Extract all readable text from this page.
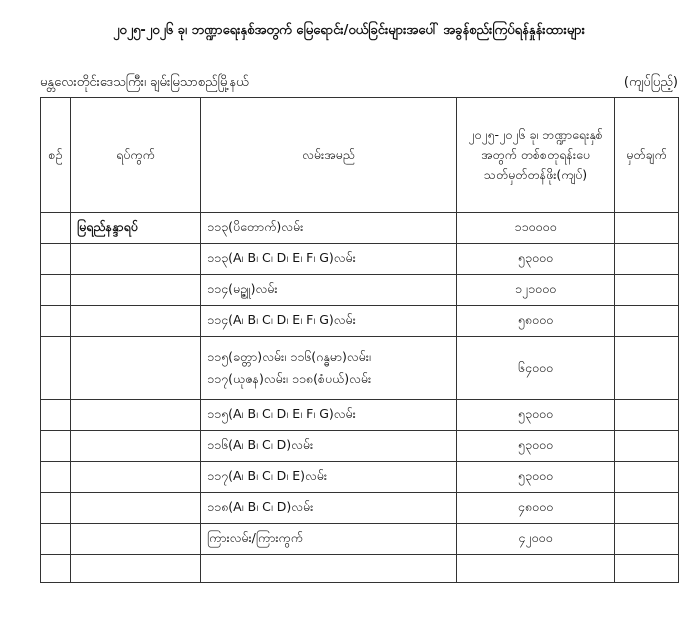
၂၀၂၅-၂၀၂၆ ခု၊ ဘဏ္ဍာရေးနှစ်အတွက် မြေရောင်း/ဝယ်ခြင်းများအပေါ် အခွန်စည်းကြပ်ရန်နှုန်းထားများ
မန္တလေးတိုင်းဒေသကြီး၊ ချမ်းမြသာစည်မြို့နယ်	(ကျပ်ပြည့်)
စဉ်	ရပ်ကွက်	လမ်းအမည်	၂၀၂၅-၂၀၂၆ ခု၊ ဘဏ္ဍာရေးနှစ်အတွက် တစ်စတုရန်းပေ သတ်မှတ်တန်ဖိုး(ကျပ်)	မှတ်ချက်
	မြရည်နန္ဒာရပ်	၁၁၃(ပိတောက်)လမ်း	၁၁၀၀၀၀	
		၁၁၃(A၊ B၊ C၊ D၊ E၊ F၊ G)လမ်း	၅၃၀၀၀	
		၁၁၄(မဥ္ဇူ)လမ်း	၁၂၁၀၀၀	
		၁၁၄(A၊ B၊ C၊ D၊ E၊ F၊ G)လမ်း	၅၈၀၀၀	
		၁၁၅(ခတ္တာ)လမ်း၊ ၁၁၆(ဂန္ဓမာ)လမ်း၊ ၁၁၇(ယုဇန)လမ်း၊ ၁၁၈(စံပယ်)လမ်း	၆၄၀၀၀	
		၁၁၅(A၊ B၊ C၊ D၊ E၊ F၊ G)လမ်း	၅၃၀၀၀	
		၁၁၆(A၊ B၊ C၊ D)လမ်း	၅၃၀၀၀	
		၁၁၇(A၊ B၊ C၊ D၊ E)လမ်း	၅၃၀၀၀	
		၁၁၈(A၊ B၊ C၊ D)လမ်း	၄၈၀၀၀	
		ကြားလမ်း/ကြားကွက်	၄၂၀၀၀	
